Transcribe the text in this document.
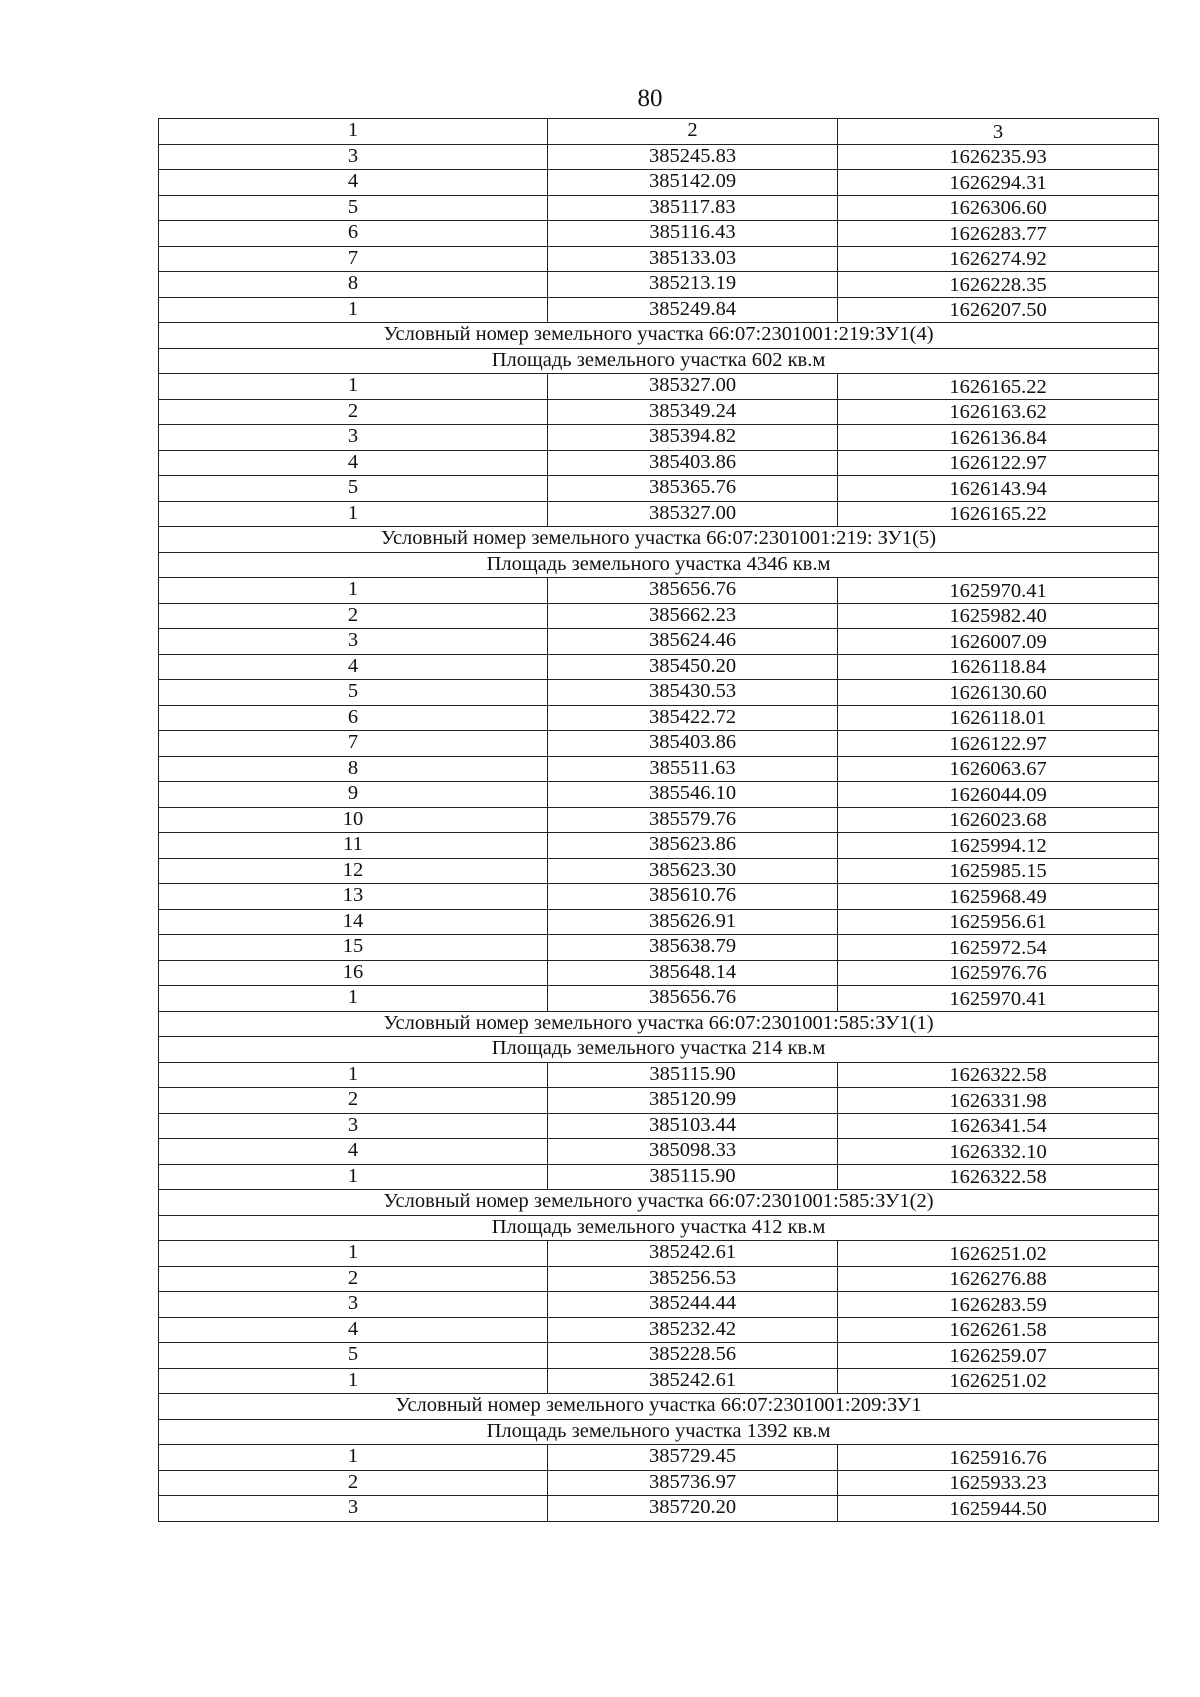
80
1	2	3
3	385245.83	1626235.93
4	385142.09	1626294.31
5	385117.83	1626306.60
6	385116.43	1626283.77
7	385133.03	1626274.92
8	385213.19	1626228.35
1	385249.84	1626207.50
Условный номер земельного участка 66:07:2301001:219:ЗУ1(4)		
Площадь земельного участка 602 кв.м		
1	385327.00	1626165.22
2	385349.24	1626163.62
3	385394.82	1626136.84
4	385403.86	1626122.97
5	385365.76	1626143.94
1	385327.00	1626165.22
Условный номер земельного участка 66:07:2301001:219: ЗУ1(5)		
Площадь земельного участка 4346 кв.м		
1	385656.76	1625970.41
2	385662.23	1625982.40
3	385624.46	1626007.09
4	385450.20	1626118.84
5	385430.53	1626130.60
6	385422.72	1626118.01
7	385403.86	1626122.97
8	385511.63	1626063.67
9	385546.10	1626044.09
10	385579.76	1626023.68
11	385623.86	1625994.12
12	385623.30	1625985.15
13	385610.76	1625968.49
14	385626.91	1625956.61
15	385638.79	1625972.54
16	385648.14	1625976.76
1	385656.76	1625970.41
Условный номер земельного участка 66:07:2301001:585:ЗУ1(1)		
Площадь земельного участка 214 кв.м		
1	385115.90	1626322.58
2	385120.99	1626331.98
3	385103.44	1626341.54
4	385098.33	1626332.10
1	385115.90	1626322.58
Условный номер земельного участка 66:07:2301001:585:ЗУ1(2)		
Площадь земельного участка 412 кв.м		
1	385242.61	1626251.02
2	385256.53	1626276.88
3	385244.44	1626283.59
4	385232.42	1626261.58
5	385228.56	1626259.07
1	385242.61	1626251.02
Условный номер земельного участка 66:07:2301001:209:ЗУ1		
Площадь земельного участка 1392 кв.м		
1	385729.45	1625916.76
2	385736.97	1625933.23
3	385720.20	1625944.50
